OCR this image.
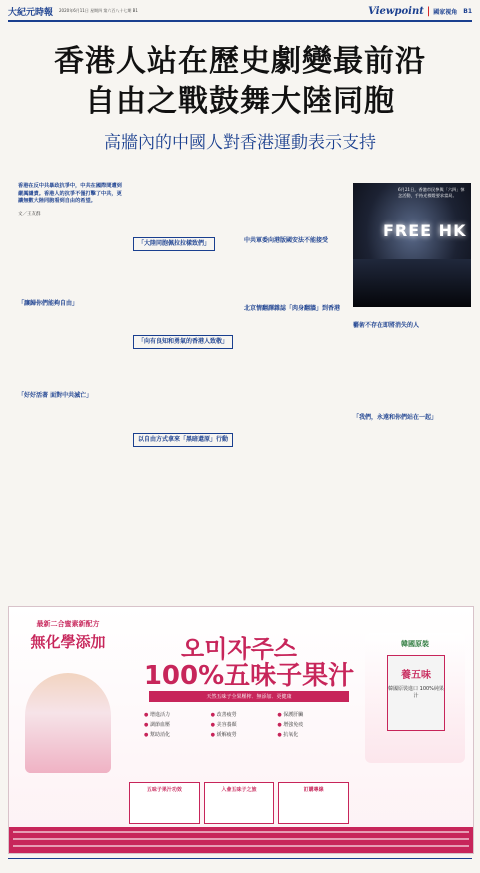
大紀元時報 2020年6月11日 星期四 第六百八十七期 B1	Viewpoint | 國家視角 B1
香港人站在歷史劇變最前沿
自由之戰鼓舞大陸同胞
高牆內的中國人對香港運動表示支持
香港在反中共暴政抗爭中，中共在國際間遭到嚴厲譴責。香港人的抗爭不僅打擊了中共，更讓無數大陸同胞看到自由的希望。
文／王友群
「讓歸你們能夠自由」
「好好活著 面對中共滅亡」
「大陸同胞佩拉拉樣致們」
「向有良知和勇氣的香港人致敬」
以自由方式拿來「黑暗還原」行動
中共軍委向港版國安法不能接受
北京情翻譯雜誌「肉身翻牆」到香港
FREE HK
6月21日，香港市民參與「六四」悼念活動，手持光標燈要求當局。
藝術不存在即將消失的人
「我們，永遠和你們站在一起」
最新二合蜜素新配方
無化學添加	오미자주스
100%五味子果汁
天然五味子全果壓榨．無添加．更健康
● 增進活力	● 改善疲勞	● 保護肝臟
● 調節血壓	● 美容養顏	● 增強免疫
● 幫助消化	● 緩解疲勞	● 抗氧化
韓國原裝
養五味
韓國原裝進口 100%純果汁
五味子果汁功效	入會五味子之旅	訂購專線
